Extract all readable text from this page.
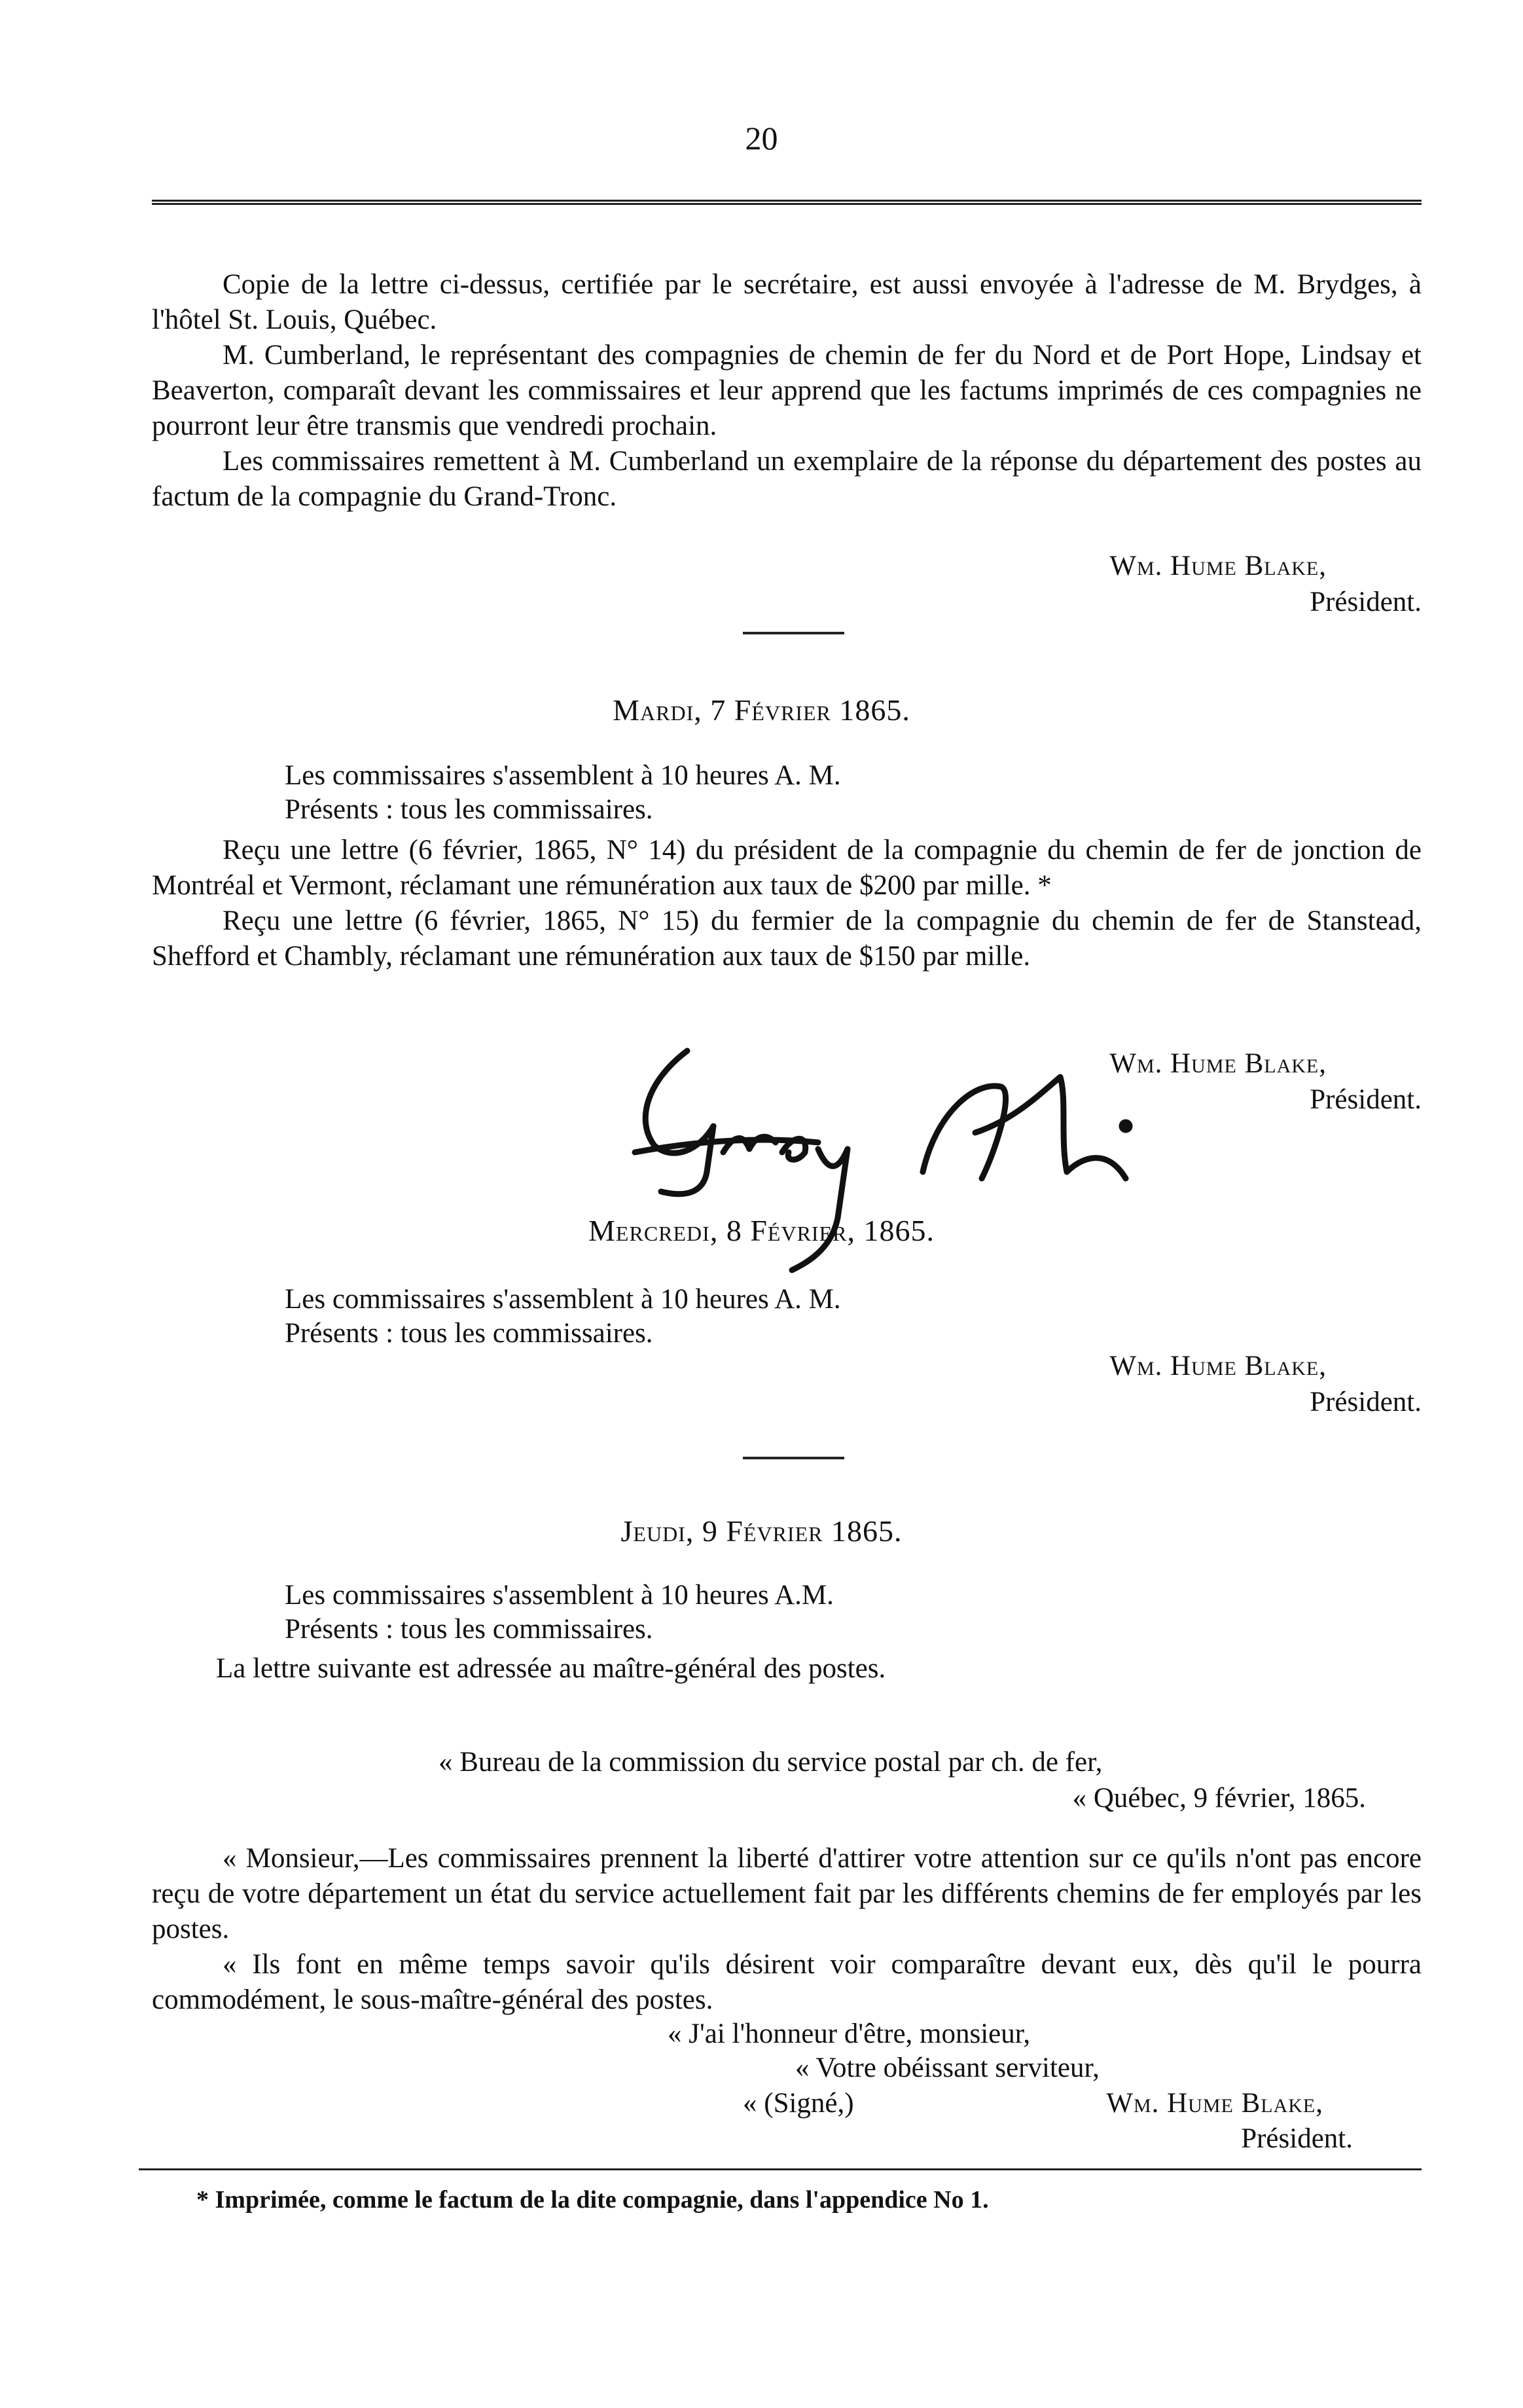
20

Copie de la lettre ci-dessus, certifiée par le secrétaire, est aussi envoyée à l'adresse de M. Brydges, à l'hôtel St. Louis, Québec.

M. Cumberland, le représentant des compagnies de chemin de fer du Nord et de Port Hope, Lindsay et Beaverton, comparaît devant les commissaires et leur apprend que les factums imprimés de ces compagnies ne pourront leur être transmis que vendredi prochain.

Les commissaires remettent à M. Cumberland un exemplaire de la réponse du département des postes au factum de la compagnie du Grand-Tronc.

Wm. Hume Blake,
Président.
Mardi, 7 Février 1865.
Les commissaires s'assemblent à 10 heures A. M.
Présents : tous les commissaires.

Reçu une lettre (6 février, 1865, N° 14) du président de la compagnie du chemin de fer de jonction de Montréal et Vermont, réclamant une rémunération aux taux de $200 par mille. *

Reçu une lettre (6 février, 1865, N° 15) du fermier de la compagnie du chemin de fer de Stanstead, Shefford et Chambly, réclamant une rémunération aux taux de $150 par mille.

Wm. Hume Blake,
Président.
Mercredi, 8 Février, 1865.
Les commissaires s'assemblent à 10 heures A. M.
Présents : tous les commissaires.
Wm. Hume Blake,
Président.
Jeudi, 9 Février 1865.
Les commissaires s'assemblent à 10 heures A.M.
Présents : tous les commissaires.
La lettre suivante est adressée au maître-général des postes.
« Bureau de la commission du service postal par ch. de fer,
« Québec, 9 février, 1865.

« Monsieur,—Les commissaires prennent la liberté d'attirer votre attention sur ce qu'ils n'ont pas encore reçu de votre département un état du service actuellement fait par les différents chemins de fer employés par les postes.

« Ils font en même temps savoir qu'ils désirent voir comparaître devant eux, dès qu'il le pourra commodément, le sous-maître-général des postes.

« J'ai l'honneur d'être, monsieur,
« Votre obéissant serviteur,
« (Signé,)	Wm. Hume Blake,
Président.
* Imprimée, comme le factum de la dite compagnie, dans l'appendice No 1.
